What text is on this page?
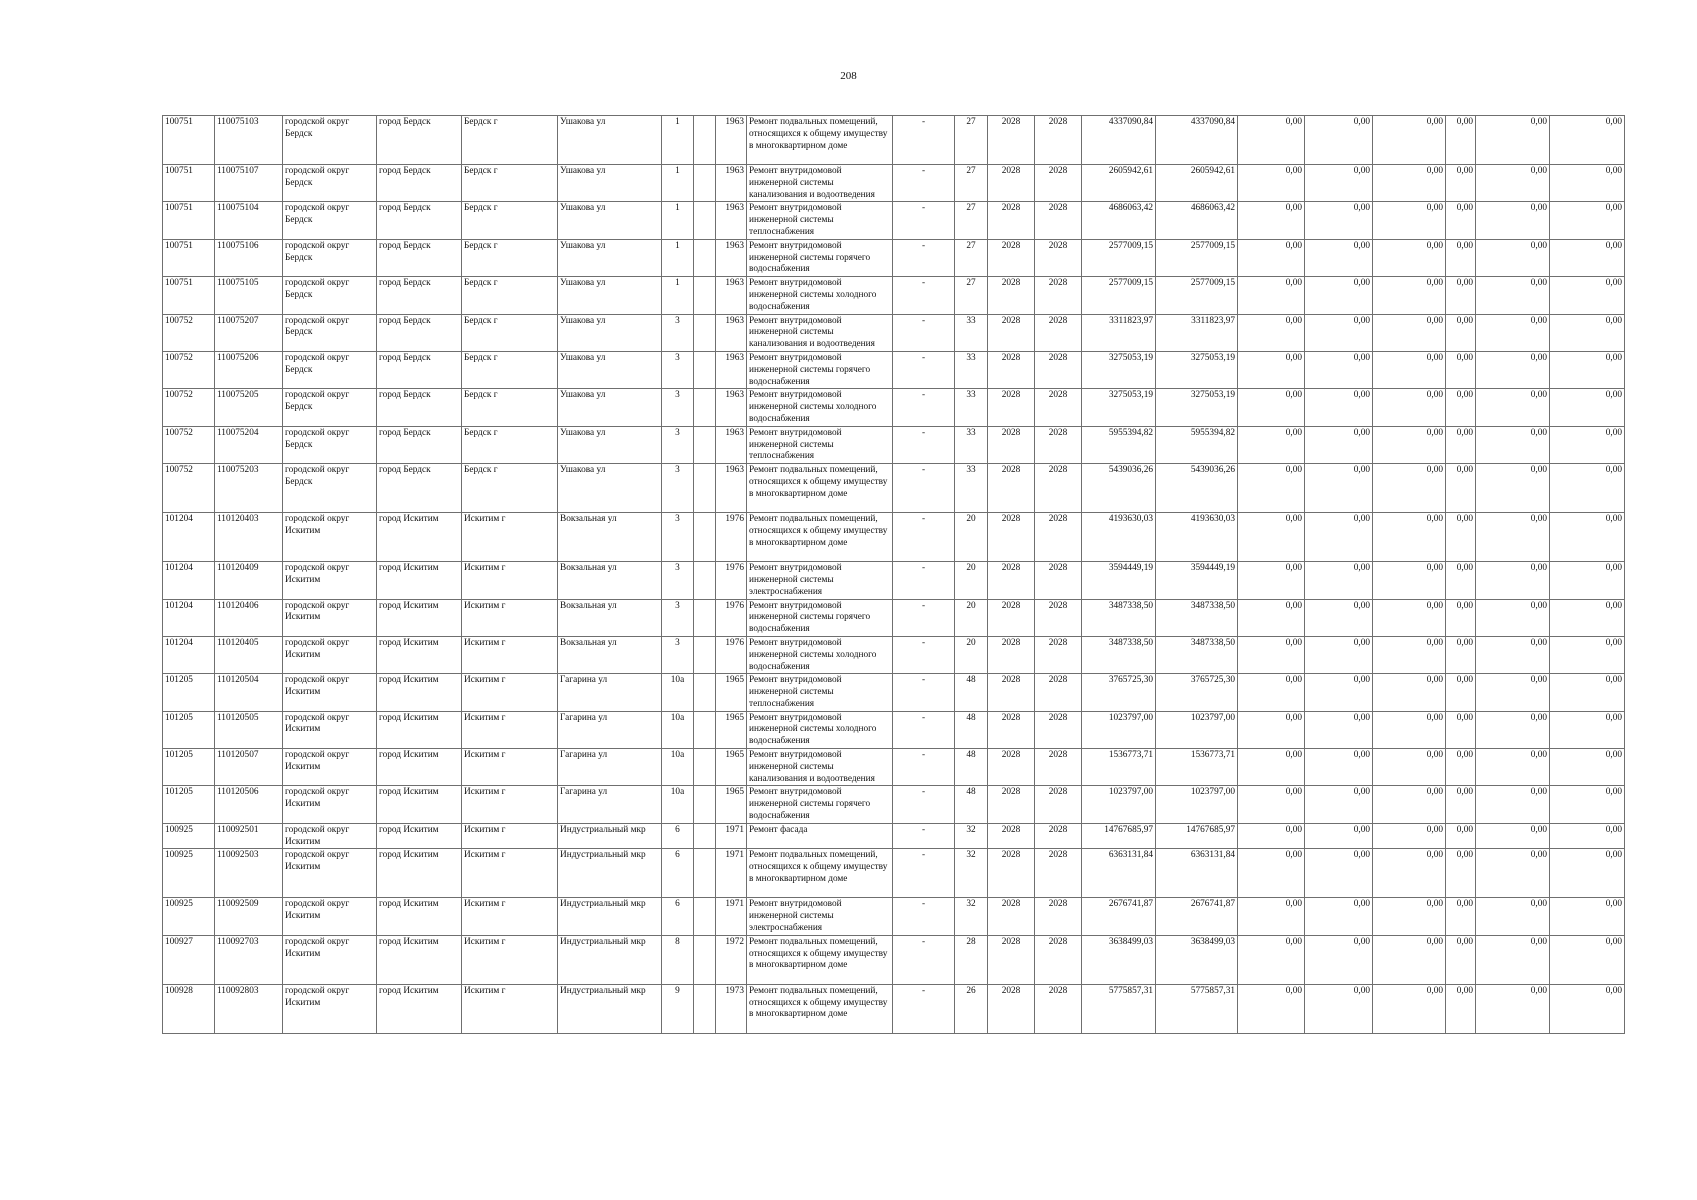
208
100751	110075103	городской округ Бердск	город Бердск	Бердск г	Ушакова ул	1		1963	Ремонт подвальных помещений, относящихся к общему имуществу в многоквартирном доме	-	27	2028	2028	4337090,84	4337090,84	0,00	0,00	0,00	0,00	0,00	0,00
100751	110075107	городской округ Бердск	город Бердск	Бердск г	Ушакова ул	1		1963	Ремонт внутридомовой инженерной системы канализования и водоотведения	-	27	2028	2028	2605942,61	2605942,61	0,00	0,00	0,00	0,00	0,00	0,00
100751	110075104	городской округ Бердск	город Бердск	Бердск г	Ушакова ул	1		1963	Ремонт внутридомовой инженерной системы теплоснабжения	-	27	2028	2028	4686063,42	4686063,42	0,00	0,00	0,00	0,00	0,00	0,00
100751	110075106	городской округ Бердск	город Бердск	Бердск г	Ушакова ул	1		1963	Ремонт внутридомовой инженерной системы горячего водоснабжения	-	27	2028	2028	2577009,15	2577009,15	0,00	0,00	0,00	0,00	0,00	0,00
100751	110075105	городской округ Бердск	город Бердск	Бердск г	Ушакова ул	1		1963	Ремонт внутридомовой инженерной системы холодного водоснабжения	-	27	2028	2028	2577009,15	2577009,15	0,00	0,00	0,00	0,00	0,00	0,00
100752	110075207	городской округ Бердск	город Бердск	Бердск г	Ушакова ул	3		1963	Ремонт внутридомовой инженерной системы канализования и водоотведения	-	33	2028	2028	3311823,97	3311823,97	0,00	0,00	0,00	0,00	0,00	0,00
100752	110075206	городской округ Бердск	город Бердск	Бердск г	Ушакова ул	3		1963	Ремонт внутридомовой инженерной системы горячего водоснабжения	-	33	2028	2028	3275053,19	3275053,19	0,00	0,00	0,00	0,00	0,00	0,00
100752	110075205	городской округ Бердск	город Бердск	Бердск г	Ушакова ул	3		1963	Ремонт внутридомовой инженерной системы холодного водоснабжения	-	33	2028	2028	3275053,19	3275053,19	0,00	0,00	0,00	0,00	0,00	0,00
100752	110075204	городской округ Бердск	город Бердск	Бердск г	Ушакова ул	3		1963	Ремонт внутридомовой инженерной системы теплоснабжения	-	33	2028	2028	5955394,82	5955394,82	0,00	0,00	0,00	0,00	0,00	0,00
100752	110075203	городской округ Бердск	город Бердск	Бердск г	Ушакова ул	3		1963	Ремонт подвальных помещений, относящихся к общему имуществу в многоквартирном доме	-	33	2028	2028	5439036,26	5439036,26	0,00	0,00	0,00	0,00	0,00	0,00
101204	110120403	городской округ Искитим	город Искитим	Искитим г	Вокзальная ул	3		1976	Ремонт подвальных помещений, относящихся к общему имуществу в многоквартирном доме	-	20	2028	2028	4193630,03	4193630,03	0,00	0,00	0,00	0,00	0,00	0,00
101204	110120409	городской округ Искитим	город Искитим	Искитим г	Вокзальная ул	3		1976	Ремонт внутридомовой инженерной системы электроснабжения	-	20	2028	2028	3594449,19	3594449,19	0,00	0,00	0,00	0,00	0,00	0,00
101204	110120406	городской округ Искитим	город Искитим	Искитим г	Вокзальная ул	3		1976	Ремонт внутридомовой инженерной системы горячего водоснабжения	-	20	2028	2028	3487338,50	3487338,50	0,00	0,00	0,00	0,00	0,00	0,00
101204	110120405	городской округ Искитим	город Искитим	Искитим г	Вокзальная ул	3		1976	Ремонт внутридомовой инженерной системы холодного водоснабжения	-	20	2028	2028	3487338,50	3487338,50	0,00	0,00	0,00	0,00	0,00	0,00
101205	110120504	городской округ Искитим	город Искитим	Искитим г	Гагарина ул	10а		1965	Ремонт внутридомовой инженерной системы теплоснабжения	-	48	2028	2028	3765725,30	3765725,30	0,00	0,00	0,00	0,00	0,00	0,00
101205	110120505	городской округ Искитим	город Искитим	Искитим г	Гагарина ул	10а		1965	Ремонт внутридомовой инженерной системы холодного водоснабжения	-	48	2028	2028	1023797,00	1023797,00	0,00	0,00	0,00	0,00	0,00	0,00
101205	110120507	городской округ Искитим	город Искитим	Искитим г	Гагарина ул	10а		1965	Ремонт внутридомовой инженерной системы канализования и водоотведения	-	48	2028	2028	1536773,71	1536773,71	0,00	0,00	0,00	0,00	0,00	0,00
101205	110120506	городской округ Искитим	город Искитим	Искитим г	Гагарина ул	10а		1965	Ремонт внутридомовой инженерной системы горячего водоснабжения	-	48	2028	2028	1023797,00	1023797,00	0,00	0,00	0,00	0,00	0,00	0,00
100925	110092501	городской округ Искитим	город Искитим	Искитим г	Индустриальный мкр	6		1971	Ремонт фасада	-	32	2028	2028	14767685,97	14767685,97	0,00	0,00	0,00	0,00	0,00	0,00
100925	110092503	городской округ Искитим	город Искитим	Искитим г	Индустриальный мкр	6		1971	Ремонт подвальных помещений, относящихся к общему имуществу в многоквартирном доме	-	32	2028	2028	6363131,84	6363131,84	0,00	0,00	0,00	0,00	0,00	0,00
100925	110092509	городской округ Искитим	город Искитим	Искитим г	Индустриальный мкр	6		1971	Ремонт внутридомовой инженерной системы электроснабжения	-	32	2028	2028	2676741,87	2676741,87	0,00	0,00	0,00	0,00	0,00	0,00
100927	110092703	городской округ Искитим	город Искитим	Искитим г	Индустриальный мкр	8		1972	Ремонт подвальных помещений, относящихся к общему имуществу в многоквартирном доме	-	28	2028	2028	3638499,03	3638499,03	0,00	0,00	0,00	0,00	0,00	0,00
100928	110092803	городской округ Искитим	город Искитим	Искитим г	Индустриальный мкр	9		1973	Ремонт подвальных помещений, относящихся к общему имуществу в многоквартирном доме	-	26	2028	2028	5775857,31	5775857,31	0,00	0,00	0,00	0,00	0,00	0,00
